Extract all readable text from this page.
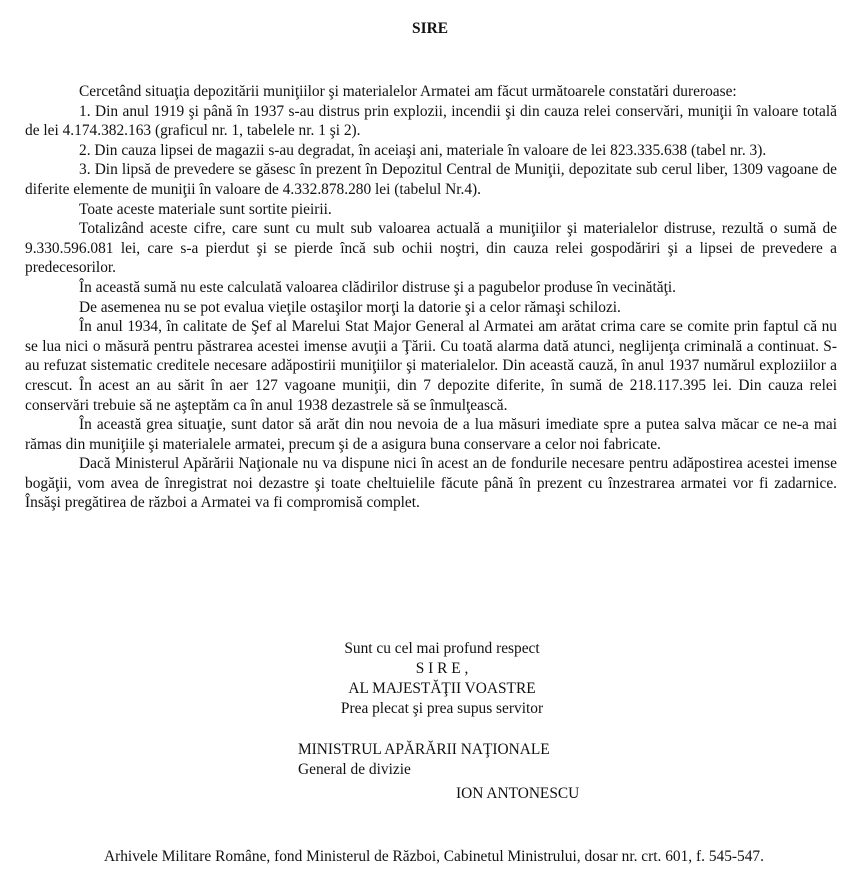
SIRE

Cercetând situaţia depozitării muniţiilor şi materialelor Armatei am făcut următoarele constatări dureroase:

1. Din anul 1919 şi până în 1937 s-au distrus prin explozii, incendii şi din cauza relei conservări, muniţii în valoare totală de lei 4.174.382.163 (graficul nr. 1, tabelele nr. 1 şi 2).

2. Din cauza lipsei de magazii s-au degradat, în aceiaşi ani, materiale în valoare de lei 823.335.638 (tabel nr. 3).

3. Din lipsă de prevedere se găsesc în prezent în Depozitul Central de Muniţii, depozitate sub cerul liber, 1309 vagoane de diferite elemente de muniţii în valoare de 4.332.878.280 lei (tabelul Nr.4).

Toate aceste materiale sunt sortite pieirii.

Totalizând aceste cifre, care sunt cu mult sub valoarea actuală a muniţiilor şi materialelor distruse, rezultă o sumă de 9.330.596.081 lei, care s-a pierdut şi se pierde încă sub ochii noştri, din cauza relei gospodăriri şi a lipsei de prevedere a predecesorilor.

În această sumă nu este calculată valoarea clădirilor distruse şi a pagubelor produse în vecinătăţi.

De asemenea nu se pot evalua vieţile ostaşilor morţi la datorie şi a celor rămaşi schilozi.

În anul 1934, în calitate de Şef al Marelui Stat Major General al Armatei am arătat crima care se comite prin faptul că nu se lua nici o măsură pentru păstrarea acestei imense avuţii a Ţării. Cu toată alarma dată atunci, neglijenţa criminală a continuat. S-au refuzat sistematic creditele necesare adăpostirii muniţiilor şi materialelor. Din această cauză, în anul 1937 numărul exploziilor a crescut. În acest an au sărit în aer 127 vagoane muniţii, din 7 depozite diferite, în sumă de 218.117.395 lei. Din cauza relei conservări trebuie să ne aşteptăm ca în anul 1938 dezastrele să se înmulţească.

În această grea situaţie, sunt dator să arăt din nou nevoia de a lua măsuri imediate spre a putea salva măcar ce ne-a mai rămas din muniţiile şi materialele armatei, precum şi de a asigura buna conservare a celor noi fabricate.

Dacă Ministerul Apărării Naţionale nu va dispune nici în acest an de fondurile necesare pentru adăpostirea acestei imense bogăţii, vom avea de înregistrat noi dezastre şi toate cheltuielile făcute până în prezent cu înzestrarea armatei vor fi zadarnice. Însăşi pregătirea de război a Armatei va fi compromisă complet.

Sunt cu cel mai profund respect
S I R E ,
AL MAJESTĂŢII VOASTRE
Prea plecat şi prea supus servitor
MINISTRUL APĂRĂRII NAŢIONALE
General de divizie
ION ANTONESCU
Arhivele Militare Române, fond Ministerul de Război, Cabinetul Ministrului, dosar nr. crt. 601, f. 545-547.
